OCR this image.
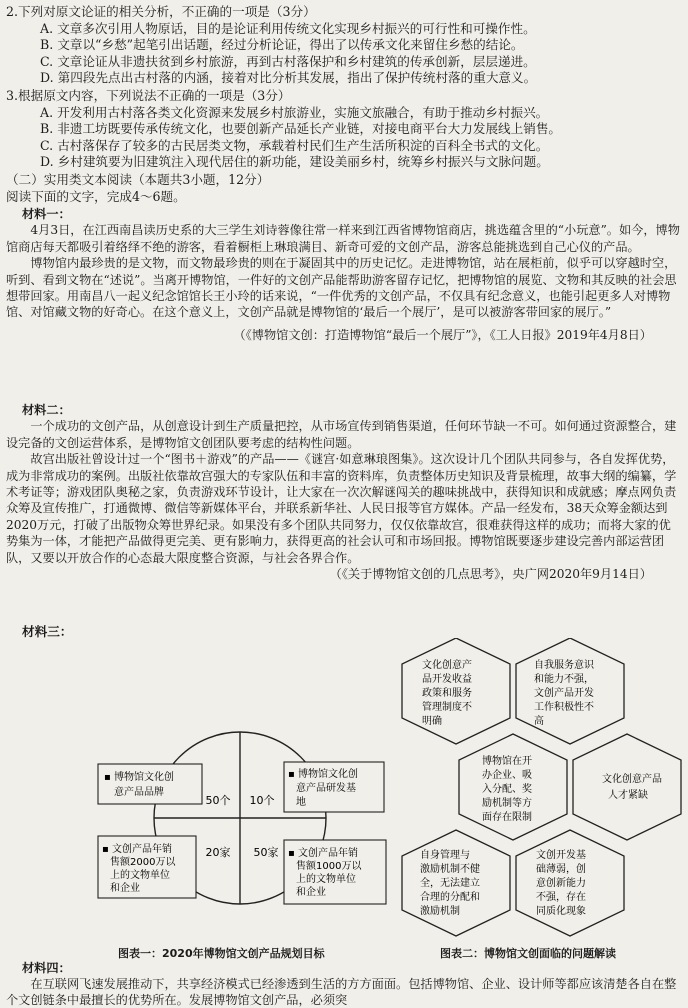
2.下列对原文论证的相关分析，不正确的一项是（3分）

A. 文章多次引用人物原话，目的是论证利用传统文化实现乡村振兴的可行性和可操作性。

B. 文章以“乡愁”起笔引出话题，经过分析论证，得出了以传承文化来留住乡愁的结论。

C. 文章论证从非遗扶贫到乡村旅游，再到古村落保护和乡村建筑的传承创新，层层递进。

D. 第四段先点出古村落的内涵，接着对比分析其发展，指出了保护传统村落的重大意义。

3.根据原文内容，下列说法不正确的一项是（3分）

A. 开发利用古村落各类文化资源来发展乡村旅游业，实施文旅融合，有助于推动乡村振兴。

B. 非遗工坊既要传承传统文化，也要创新产品延长产业链，对接电商平台大力发展线上销售。

C. 古村落保存了较多的古民居类文物，承载着村民们生产生活所积淀的百科全书式的文化。

D. 乡村建筑要为旧建筑注入现代居住的新功能，建设美丽乡村，统筹乡村振兴与文脉问题。

（二）实用类文本阅读（本题共3小题，12分）

阅读下面的文字，完成4～6题。

材料一：

4月3日，在江西南昌读历史系的大三学生刘诗蓉像往常一样来到江西省博物馆商店，挑选蕴含里的“小玩意”。如今，博物馆商店每天都吸引着络绎不绝的游客，看着橱柜上琳琅满目、新奇可爱的文创产品，游客总能挑选到自己心仪的产品。

博物馆内最珍贵的是文物，而文物最珍贵的则在于凝固其中的历史记忆。走进博物馆，站在展柜前，似乎可以穿越时空，听到、看到文物在“述说”。当离开博物馆，一件好的文创产品能帮助游客留存记忆，把博物馆的展览、文物和其反映的社会思想带回家。用南昌八一起义纪念馆馆长王小玲的话来说，“一件优秀的文创产品，不仅具有纪念意义，也能引起更多人对博物馆、对馆藏文物的好奇心。在这个意义上，文创产品就是博物馆的‘最后一个展厅’，是可以被游客带回家的展厅。”

（《博物馆文创：打造博物馆“最后一个展厅”》，《工人日报》2019年4月8日）

材料二：

一个成功的文创产品，从创意设计到生产质量把控，从市场宣传到销售渠道，任何环节缺一不可。如何通过资源整合，建设完备的文创运营体系，是博物馆文创团队要考虑的结构性问题。

故宫出版社曾设计过一个“图书＋游戏”的产品——《谜宫·如意琳琅图集》。这次设计几个团队共同参与，各自发挥优势，成为非常成功的案例。出版社依靠故宫强大的专家队伍和丰富的资料库，负责整体历史知识及背景梳理，故事大纲的编纂，学术考证等；游戏团队奥秘之家，负责游戏环节设计，让大家在一次次解谜闯关的趣味挑战中，获得知识和成就感；摩点网负责众筹及宣传推广，打通微博、微信等新媒体平台，并联系新华社、人民日报等官方媒体。产品一经发布，38天众筹金额达到2020万元，打破了出版物众筹世界纪录。如果没有多个团队共同努力，仅仅依靠故宫，很难获得这样的成功；而将大家的优势集为一体，才能把产品做得更完美、更有影响力，获得更高的社会认可和市场回报。博物馆既要逐步建设完善内部运营团队，又要以开放合作的心态最大限度整合资源，与社会各界合作。

（《关于博物馆文创的几点思考》，央广网2020年9月14日）

材料三：

50个 10个
20家 50家
▪ 博物馆文化创
意产品品牌
▪ 博物馆文化创
意产品研发基
地
▪ 文创产品年销
售额2000万以
上的文物单位
和企业
▪ 文创产品年销
售额1000万以
上的文物单位
和企业
图表一：2020年博物馆文创产品规划目标
文化创意产
品开发收益
政策和服务
管理制度不
明确
自我服务意识
和能力不强，
文创产品开发
工作积极性不
高
博物馆在开
办企业、吸
入分配、奖
励机制等方
面存在限制
文化创意产品
人才紧缺
自身管理与
激励机制不健
全，无法建立
合理的分配和
激励机制
文创开发基
础薄弱，创
意创新能力
不强，存在
同质化现象
图表二：博物馆文创面临的问题解读

材料四：

在互联网飞速发展推动下，共享经济模式已经渗透到生活的方方面面。包括博物馆、企业、设计师等都应该清楚各自在整个文创链条中最擅长的优势所在。发展博物馆文创产品，必须突
